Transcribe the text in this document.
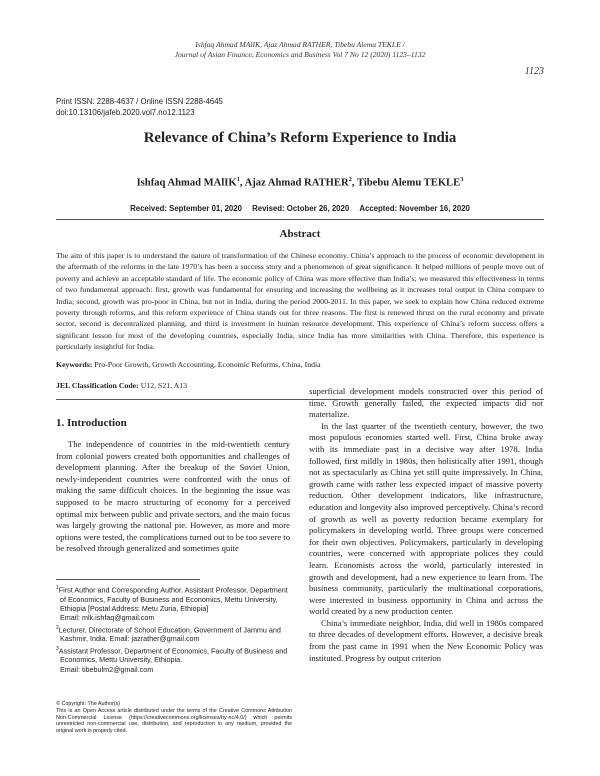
Ishfaq Ahmad MAlIK, Ajaz Ahmad RATHER, Tibebu Alemu TEKLE /
Journal of Asian Finance, Economics and Business Vol 7 No 12 (2020) 1123–1132
1123
Print ISSN: 2288-4637 / Online ISSN 2288-4645
doi:10.13106/jafeb.2020.vol7.no12.1123
Relevance of China’s Reform Experience to India
Ishfaq Ahmad MAlIK$^1$, Ajaz Ahmad RATHER$^2$, Tibebu Alemu TEKLE$^3$
Received: September 01, 2020 Revised: October 26, 2020 Accepted: November 16, 2020
Abstract
The aim of this paper is to understand the nature of transformation of the Chinese economy. China’s approach to the process of economic development in the aftermath of the reforms in the late 1970’s has been a success story and a phenomenon of great significance. It helped millions of people move out of poverty and achieve an acceptable standard of life. The economic policy of China was more effective than India’s; we measured this effectiveness in terms of two fundamental approach: first, growth was fundamental for ensuring and increasing the wellbeing as it increases total output in China compare to India; second, growth was pro-poor in China, but not in India, during the period 2000-2011. In this paper, we seek to explain how China reduced extreme poverty through reforms, and this reform experience of China stands out for three reasons. The first is renewed thrust on the rural economy and private sector, second is decentralized planning, and third is investment in human resource development. This experience of China’s reform success offers a significant lesson for most of the developing countries, especially India, since India has more similarities with China. Therefore, this experience is particularly insightful for India.
Keywords: Pro-Poor Growth, Growth Accounting, Economic Reforms, China, India
JEL Classification Code: U12, S21, A13
1. Introduction

The independence of countries in the mid-twentieth century from colonial powers created both opportunities and challenges of development planning. After the breakup of the Soviet Union, newly-independent countries were confronted with the onus of making the same difficult choices. In the beginning the issue was supposed to be macro structuring of economy for a perceived optimal mix between public and private sectors, and the main focus was largely growing the national pie. However, as more and more options were tested, the complications turned out to be too severe to be resolved through generalized and sometimes quite

superficial development models constructed over this period of time. Growth generally failed, the expected impacts did not materialize.

In the last quarter of the twentieth century, however, the two most populous economies started well. First, China broke away with its immediate past in a decisive way after 1978. India followed, first mildly in 1980s, then holistically after 1991, though not as spectacularly as China yet still quite impressively. In China, growth came with rather less expected impact of massive poverty reduction. Other development indicators, like infrastructure, education and longevity also improved perceptively. China’s record of growth as well as poverty reduction became exemplary for policymakers in developing world. Three groups were concerned for their own objectives. Policymakers, particularly in developing countries, were concerned with appropriate polices they could learn. Economists across the world, particularly interested in growth and development, had a new experience to learn from. The business community, particularly the multinational corporations, were interested in business opportunity in China and across the world created by a new production center.

China’s immediate neighbor, India, did well in 1980s compared to three decades of development efforts. However, a decisive break from the past came in 1991 when the New Economic Policy was instituted. Progress by output criterion

$^1$First Author and Corresponding Author. Assistant Professor, Department of Economics, Faculty of Business and Economics, Mettu University, Ethiopia [Postal Address: Metu Zuria, Ethiopia]
Email: mlk.ishfaq@gmail.com
$^2$Lecturer, Directorate of School Education, Government of Jammu and Kashmir, India. Email: jazrather@gmail.com
$^3$Assistant Professor, Department of Economics, Faculty of Business and Economics, Mettu University, Ethiopia.
Email: tibebulm2@gmail.com
© Copyright: The Author(s)
This is an Open Access article distributed under the terms of the Creative Commons Attribution Non-Commercial License (https://creativecommons.org/licenses/by-nc/4.0/) which permits unrestricted non-commercial use, distribution, and reproduction in any medium, provided the original work is properly cited.
